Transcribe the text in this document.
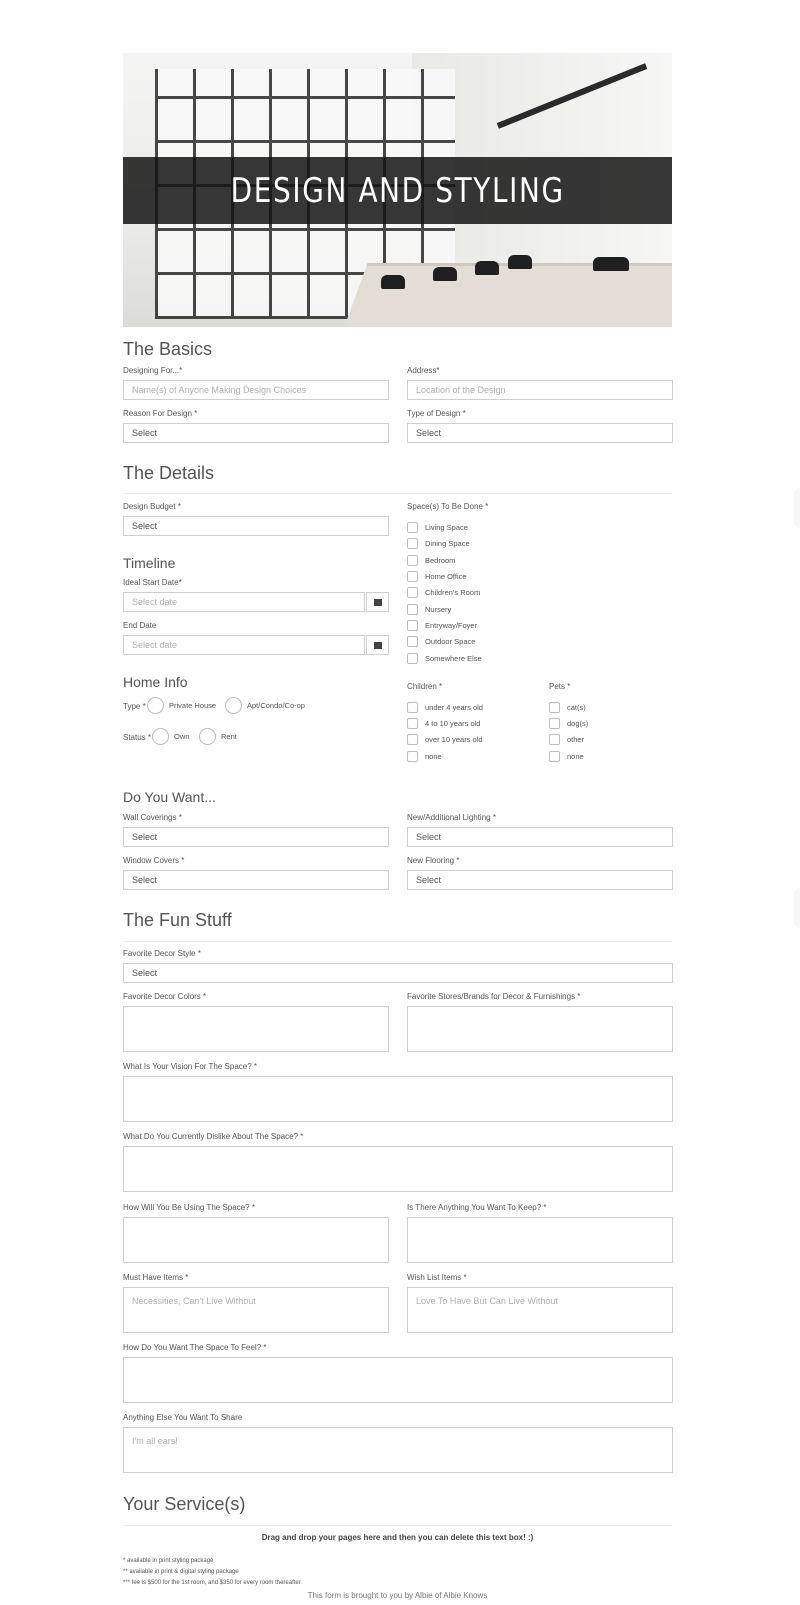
DESIGN AND STYLING
The Basics
Designing For...*
Name(s) of Anyone Making Design Choices
Address*
Location of the Design
Reason For Design *
Select
Type of Design *
Select
The Details
Design Budget *
Select
Space(s) To Be Done *
Living Space
Dining Space
Bedroom
Home Office
Children's Room
Nursery
Entryway/Foyer
Outdoor Space
Somewhere Else
Timeline
Ideal Start Date*
Select date
End Date
Select date
Home Info
Type *	Private House	Apt/Condo/Co-op
Status *	Own	Rent
Children *
under 4 years old
4 to 10 years old
over 10 years old
none
Pets *
cat(s)
dog(s)
other
none
Do You Want...
Wall Coverings *
Select
New/Additional Lighting *
Select
Window Covers *
Select
New Flooring *
Select
The Fun Stuff
Favorite Decor Style *
Select
Favorite Decor Colors *	Favorite Stores/Brands for Decor & Furnishings *
What Is Your Vision For The Space? *
What Do You Currently Dislike About The Space? *
How Will You Be Using The Space? *	Is There Anything You Want To Keep? *
Must Have Items *
Necessities, Can't Live Without
Wish List Items *
Love To Have But Can Live Without
How Do You Want The Space To Feel? *
Anything Else You Want To Share
I'm all ears!
Your Service(s)
Drag and drop your pages here and then you can delete this text box! :)
* available in print styling package
** available in print & digital styling package
*** fee is $500 for the 1st room, and $350 for every room thereafter
This form is brought to you by Albie of Albie Knows
